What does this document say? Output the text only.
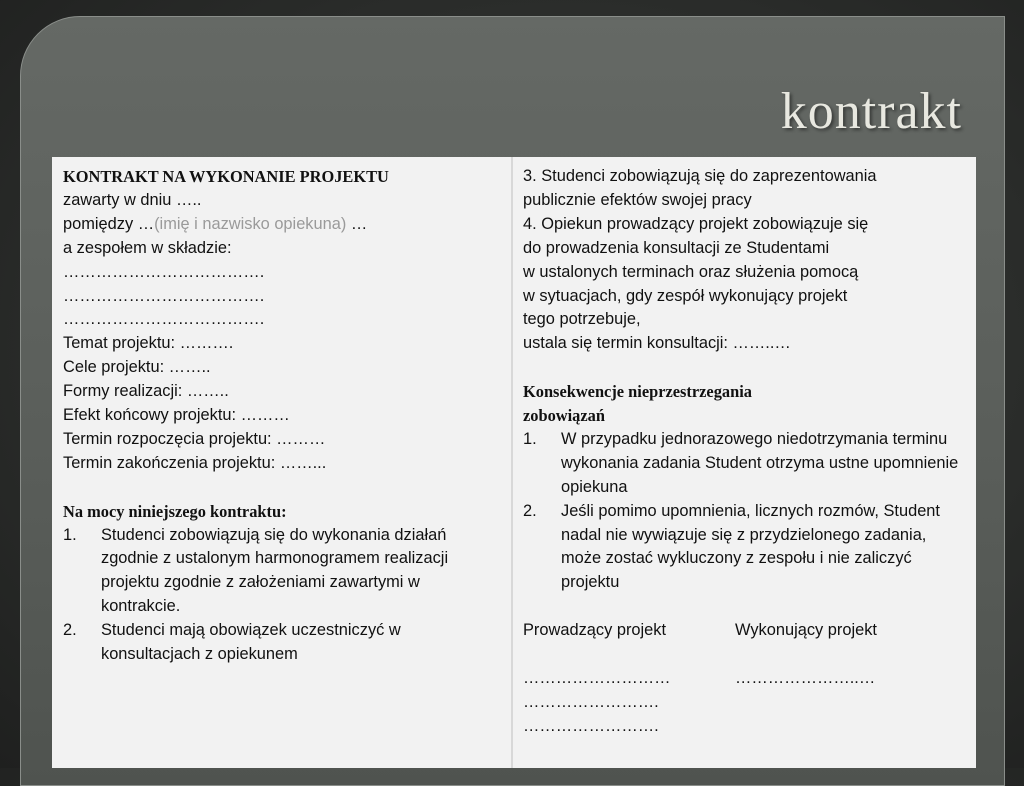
kontrakt
KONTRAKT NA WYKONANIE PROJEKTU
zawarty w dniu …..
pomiędzy …(imię i nazwisko opiekuna) …
a zespołem w składzie:
……………………………….
……………………………….
……………………………….
Temat projektu: ……….
Cele projektu: ……..
Formy realizacji: ……..
Efekt końcowy projektu: ………
Termin rozpoczęcia projektu: ………
Termin zakończenia projektu: ……...
Na mocy niniejszego kontraktu:
1.	Studenci zobowiązują się do wykonania działań zgodnie z ustalonym harmonogramem realizacji projektu zgodnie z założeniami zawartymi w kontrakcie.
2.	Studenci mają obowiązek uczestniczyć w konsultacjach z opiekunem
3. Studenci zobowiązują się do zaprezentowania
publicznie efektów swojej pracy
4. Opiekun prowadzący projekt zobowiązuje się
do prowadzenia konsultacji ze Studentami
w ustalonych terminach oraz służenia pomocą
w sytuacjach, gdy zespół wykonujący projekt
tego potrzebuje,
ustala się termin konsultacji: ……..…
Konsekwencje nieprzestrzegania
zobowiązań
1.	W przypadku jednorazowego niedotrzymania terminu wykonania zadania Student otrzyma ustne upomnienie opiekuna
2.	Jeśli pomimo upomnienia, licznych rozmów, Student nadal nie wywiązuje się z przydzielonego zadania, może zostać wykluczony z zespołu i nie zaliczyć projektu
Prowadzący projekt	Wykonujący projekt
………………………	…………………..…
…………………….
…………………….
